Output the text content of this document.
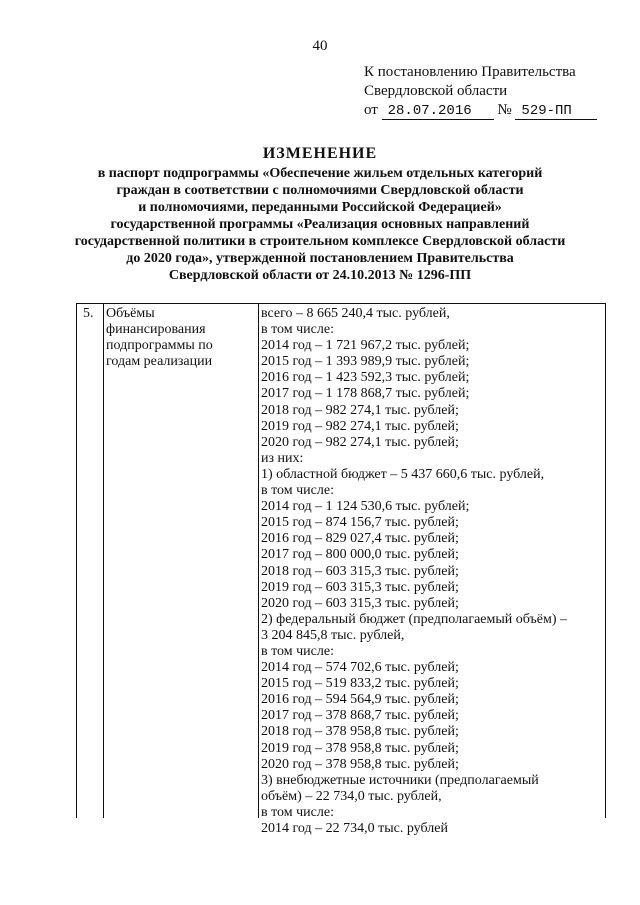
40
К постановлению Правительства
Свердловской области
от 28.07.2016 № 529-ПП
ИЗМЕНЕНИЕ
в паспорт подпрограммы «Обеспечение жильем отдельных категорий
граждан в соответствии с полномочиями Свердловской области
и полномочиями, переданными Российской Федерацией»
государственной программы «Реализация основных направлений
государственной политики в строительном комплексе Свердловской области
до 2020 года», утвержденной постановлением Правительства
Свердловской области от 24.10.2013 № 1296-ПП
5. Объёмы
финансирования
подпрограммы по
годам реализации
всего – 8 665 240,4 тыс. рублей,
в том числе:
2014 год – 1 721 967,2 тыс. рублей;
2015 год – 1 393 989,9 тыс. рублей;
2016 год – 1 423 592,3 тыс. рублей;
2017 год – 1 178 868,7 тыс. рублей;
2018 год – 982 274,1 тыс. рублей;
2019 год – 982 274,1 тыс. рублей;
2020 год – 982 274,1 тыс. рублей;
из них:
1) областной бюджет – 5 437 660,6 тыс. рублей,
в том числе:
2014 год – 1 124 530,6 тыс. рублей;
2015 год – 874 156,7 тыс. рублей;
2016 год – 829 027,4 тыс. рублей;
2017 год – 800 000,0 тыс. рублей;
2018 год – 603 315,3 тыс. рублей;
2019 год – 603 315,3 тыс. рублей;
2020 год – 603 315,3 тыс. рублей;
2) федеральный бюджет (предполагаемый объём) –
3 204 845,8 тыс. рублей,
в том числе:
2014 год – 574 702,6 тыс. рублей;
2015 год – 519 833,2 тыс. рублей;
2016 год – 594 564,9 тыс. рублей;
2017 год – 378 868,7 тыс. рублей;
2018 год – 378 958,8 тыс. рублей;
2019 год – 378 958,8 тыс. рублей;
2020 год – 378 958,8 тыс. рублей;
3) внебюджетные источники (предполагаемый
объём) – 22 734,0 тыс. рублей,
в том числе:
2014 год – 22 734,0 тыс. рублей
